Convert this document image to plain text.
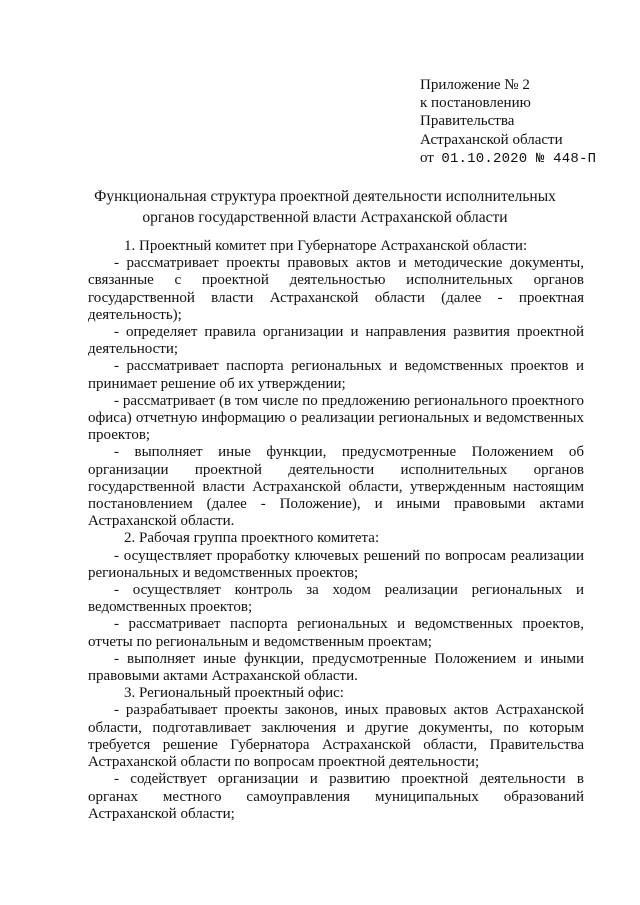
Приложение № 2
к постановлению
Правительства
Астраханской области
от 01.10.2020 № 448-П
Функциональная структура проектной деятельности исполнительных
органов государственной власти Астраханской области

1. Проектный комитет при Губернаторе Астраханской области:

- рассматривает проекты правовых актов и методические документы, связанные с проектной деятельностью исполнительных органов государственной власти Астраханской области (далее - проектная деятельность);

- определяет правила организации и направления развития проектной деятельности;

- рассматривает паспорта региональных и ведомственных проектов и принимает решение об их утверждении;

- рассматривает (в том числе по предложению регионального проектного офиса) отчетную информацию о реализации региональных и ведомственных проектов;

- выполняет иные функции, предусмотренные Положением об организации проектной деятельности исполнительных органов государственной власти Астраханской области, утвержденным настоящим постановлением (далее - Положение), и иными правовыми актами Астраханской области.

2. Рабочая группа проектного комитета:

- осуществляет проработку ключевых решений по вопросам реализации региональных и ведомственных проектов;

- осуществляет контроль за ходом реализации региональных и ведомственных проектов;

- рассматривает паспорта региональных и ведомственных проектов, отчеты по региональным и ведомственным проектам;

- выполняет иные функции, предусмотренные Положением и иными правовыми актами Астраханской области.

3. Региональный проектный офис:

- разрабатывает проекты законов, иных правовых актов Астраханской области, подготавливает заключения и другие документы, по которым требуется решение Губернатора Астраханской области, Правительства Астраханской области по вопросам проектной деятельности;

- содействует организации и развитию проектной деятельности в органах местного самоуправления муниципальных образований Астраханской области;
